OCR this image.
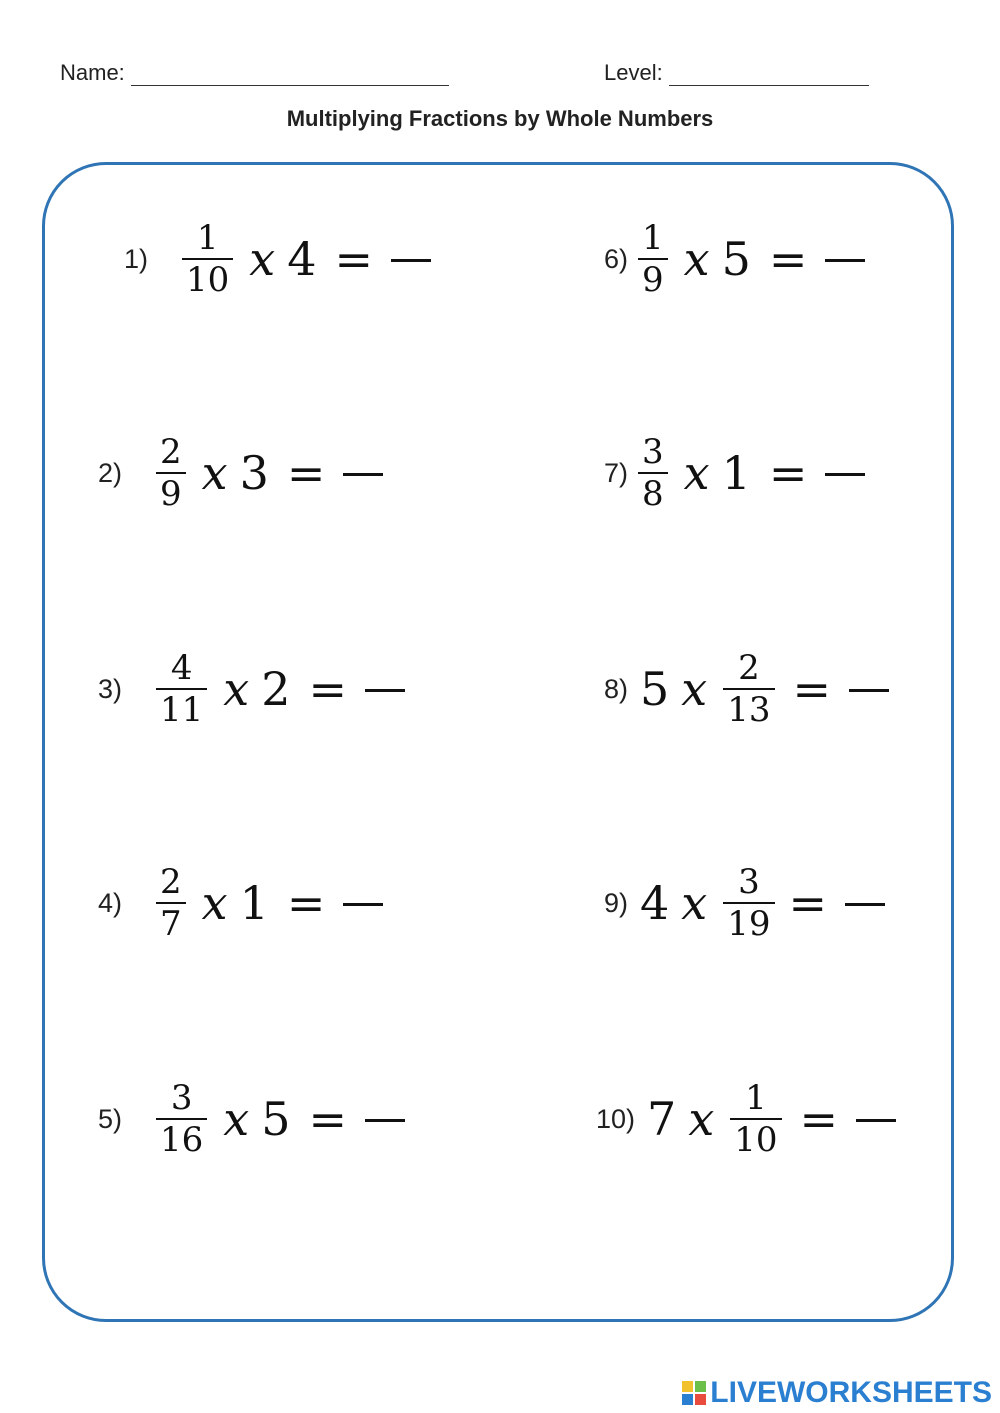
Name:	Level:
Multiplying Fractions by Whole Numbers
$1) \frac{1}{10}$ x 4 =
$2) \frac{2}{9}$ x 3 =
$3) \frac{4}{11}$ x 2 =
$4) \frac{2}{7}$ x 1 =
$5) \frac{3}{16}$ x 5 =
$6) \frac{1}{9}$ x 5 =
$7) \frac{3}{8}$ x 1 =
8) 5 x $\frac{2}{13}$ =
9) 4 x $\frac{3}{19}$ =
10) 7 x $\frac{1}{10}$ =
LIVEWORKSHEETS
